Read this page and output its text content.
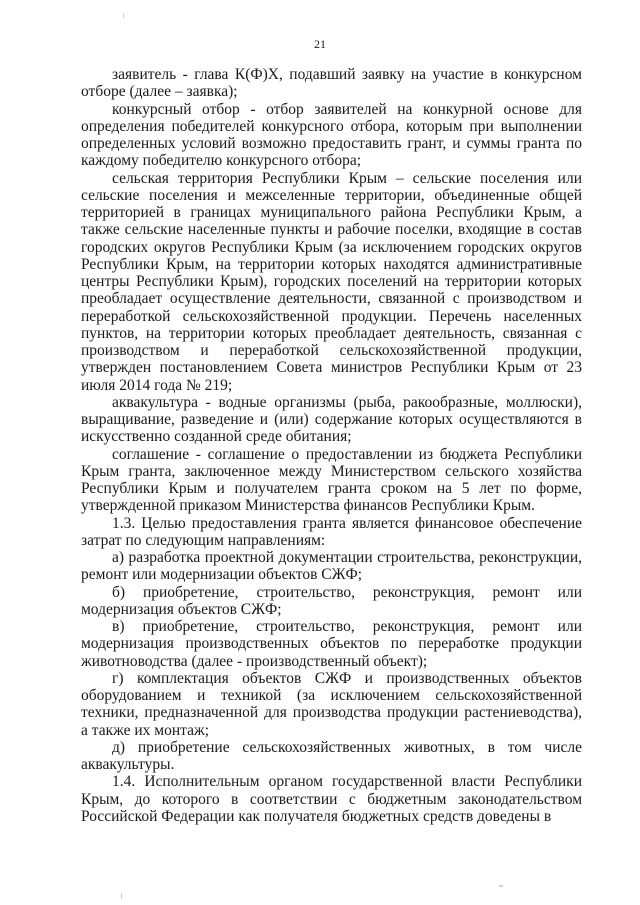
21

заявитель - глава К(Ф)Х, подавший заявку на участие в конкурсном отборе (далее – заявка);

конкурсный отбор - отбор заявителей на конкурной основе для определения победителей конкурсного отбора, которым при выполнении определенных условий возможно предоставить грант, и суммы гранта по каждому победителю конкурсного отбора;

сельская территория Республики Крым – сельские поселения или сельские поселения и межселенные территории, объединенные общей территорией в границах муниципального района Республики Крым, а также сельские населенные пункты и рабочие поселки, входящие в состав городских округов Республики Крым (за исключением городских округов Республики Крым, на территории которых находятся административные центры Республики Крым), городских поселений на территории которых преобладает осуществление деятельности, связанной с производством и переработкой сельскохозяйственной продукции. Перечень населенных пунктов, на территории которых преобладает деятельность, связанная с производством и переработкой сельскохозяйственной продукции, утвержден постановлением Совета министров Республики Крым от 23 июля 2014 года № 219;

аквакультура - водные организмы (рыба, ракообразные, моллюски), выращивание, разведение и (или) содержание которых осуществляются в искусственно созданной среде обитания;

соглашение - соглашение о предоставлении из бюджета Республики Крым гранта, заключенное между Министерством сельского хозяйства Республики Крым и получателем гранта сроком на 5 лет по форме, утвержденной приказом Министерства финансов Республики Крым.

1.3. Целью предоставления гранта является финансовое обеспечение затрат по следующим направлениям:

а) разработка проектной документации строительства, реконструкции, ремонт или модернизации объектов СЖФ;

б) приобретение, строительство, реконструкция, ремонт или модернизация объектов СЖФ;

в) приобретение, строительство, реконструкция, ремонт или модернизация производственных объектов по переработке продукции животноводства (далее - производственный объект);

г) комплектация объектов СЖФ и производственных объектов оборудованием и техникой (за исключением сельскохозяйственной техники, предназначенной для производства продукции растениеводства), а также их монтаж;

д) приобретение сельскохозяйственных животных, в том числе аквакультуры.

1.4. Исполнительным органом государственной власти Республики Крым, до которого в соответствии с бюджетным законодательством Российской Федерации как получателя бюджетных средств доведены в
